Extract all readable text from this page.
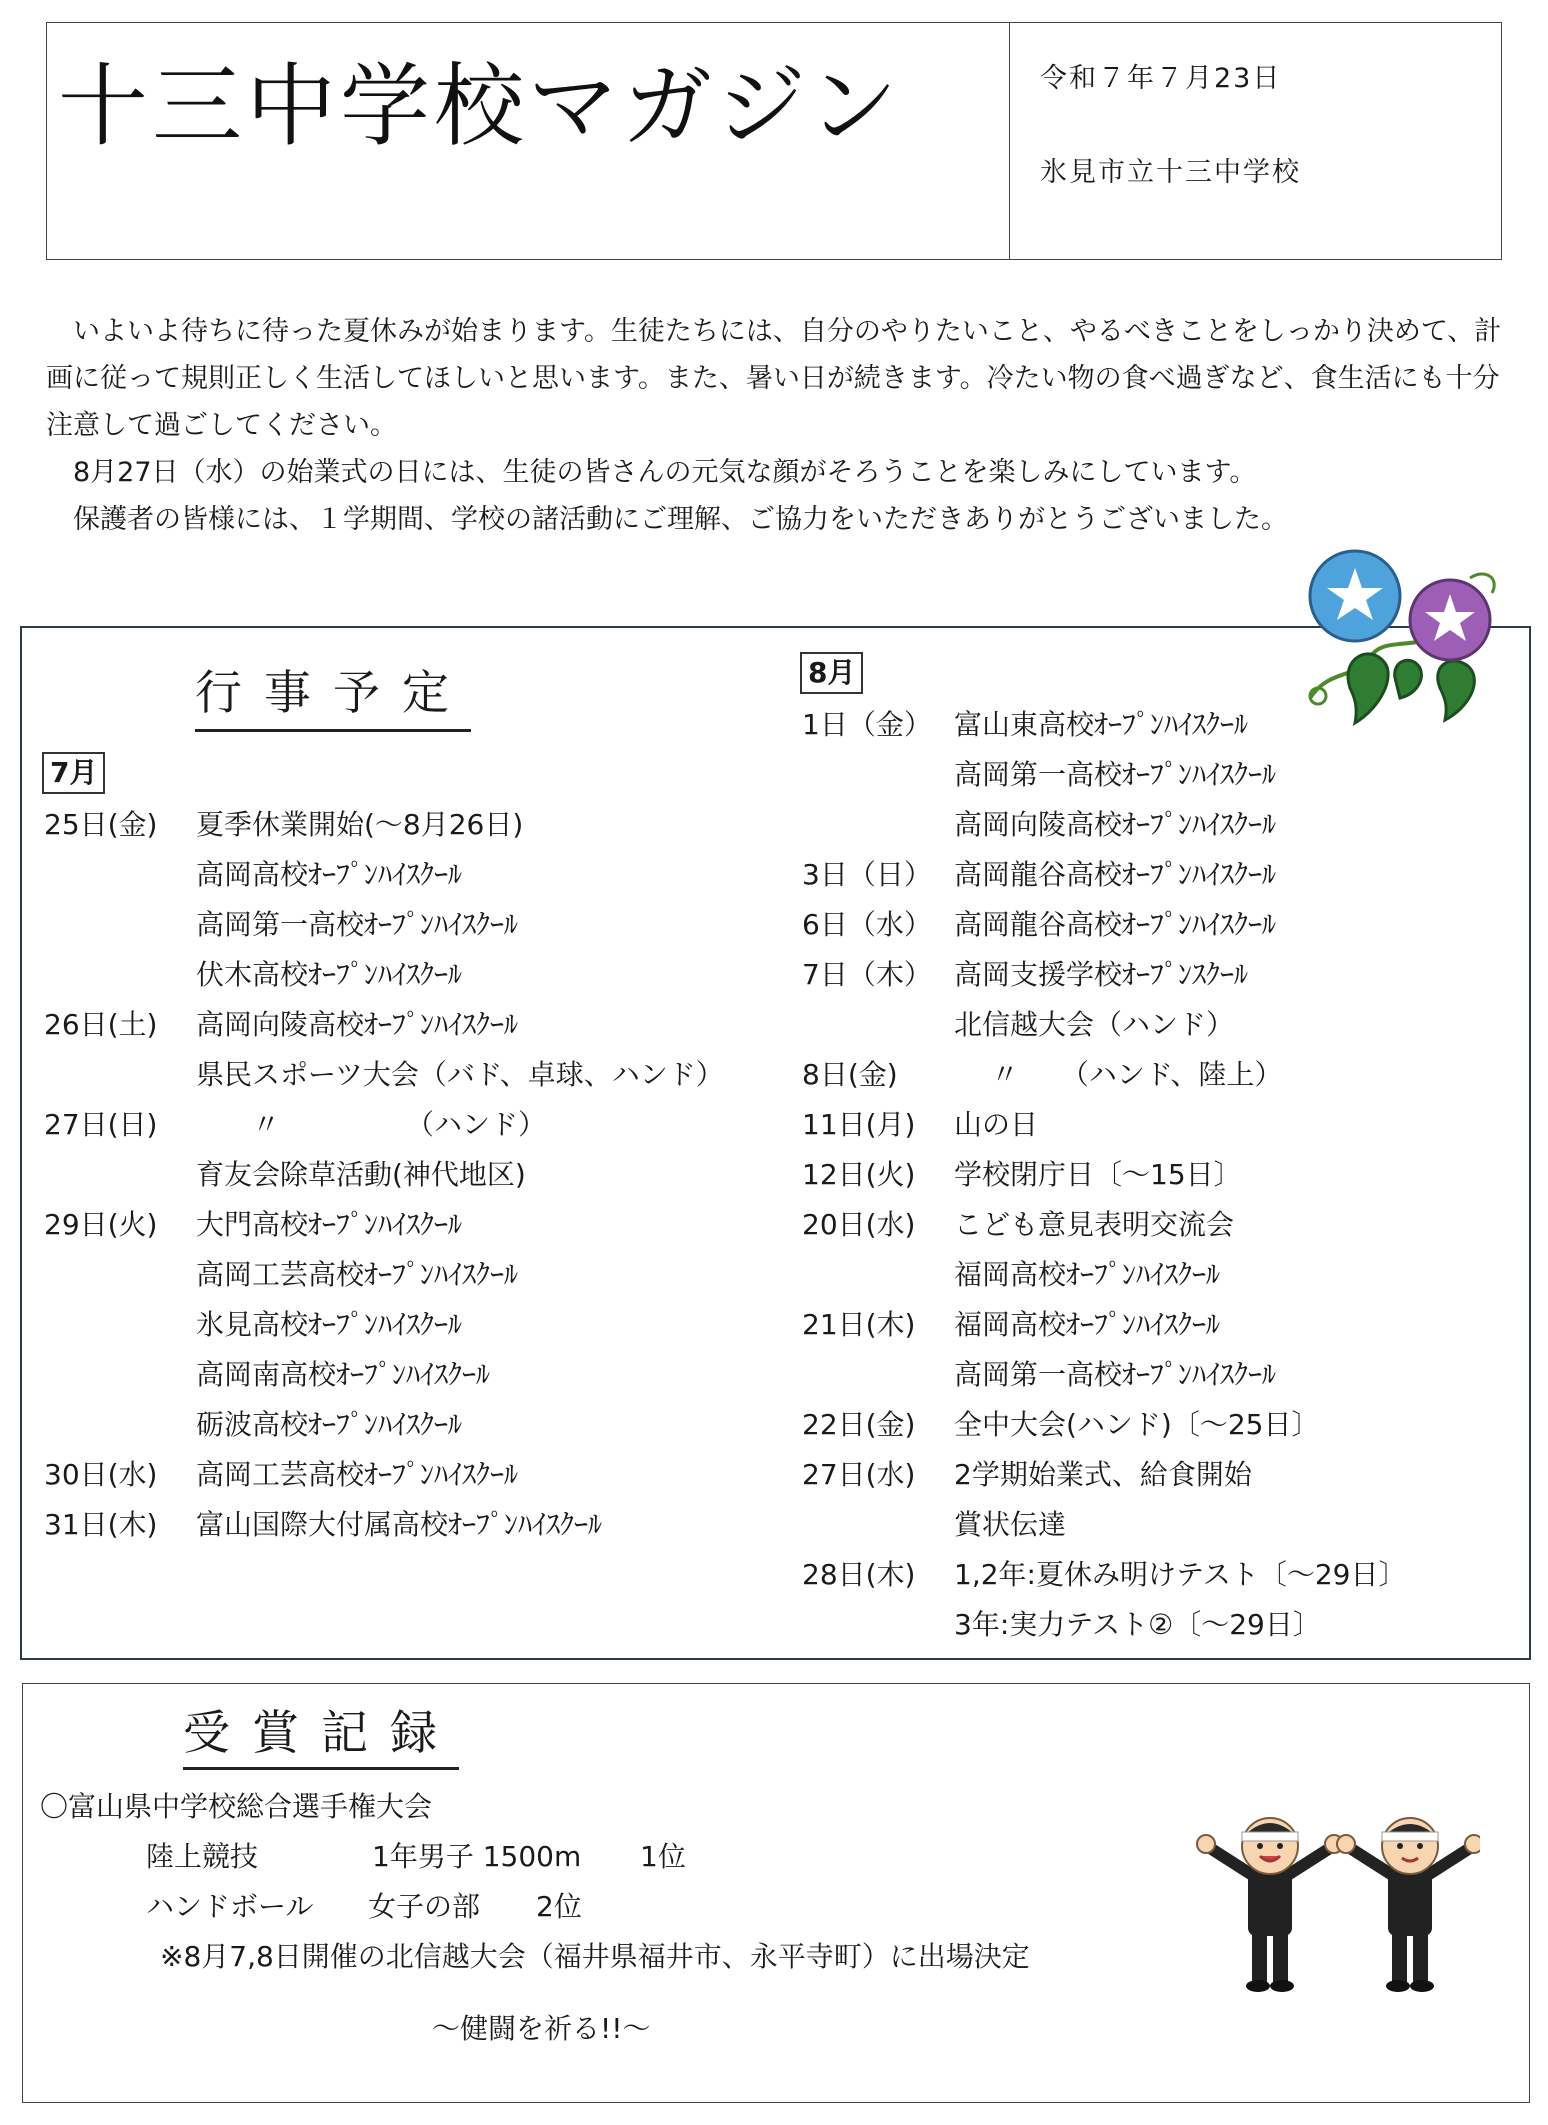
十三中学校マガジン	令和７年７月23日
氷見市立十三中学校

いよいよ待ちに待った夏休みが始まります。生徒たちには、自分のやりたいこと、やるべきことをしっかり決めて、計画に従って規則正しく生活してほしいと思います。また、暑い日が続きます。冷たい物の食べ過ぎなど、食生活にも十分注意して過ごしてください。

8月27日（水）の始業式の日には、生徒の皆さんの元気な顔がそろうことを楽しみにしています。

保護者の皆様には、１学期間、学校の諸活動にご理解、ご協力をいただきありがとうございました。

行事予定
7月
25日(金) 夏季休業開始(～8月26日)
高岡高校ｵｰﾌﾟﾝﾊｲｽｸｰﾙ
高岡第一高校ｵｰﾌﾟﾝﾊｲｽｸｰﾙ
伏木高校ｵｰﾌﾟﾝﾊｲｽｸｰﾙ
26日(土) 高岡向陵高校ｵｰﾌﾟﾝﾊｲｽｸｰﾙ
県民スポーツ大会（バド、卓球、ハンド）
27日(日) 　　〃　　　　　（ハンド）
育友会除草活動(神代地区)
29日(火) 大門高校ｵｰﾌﾟﾝﾊｲｽｸｰﾙ
高岡工芸高校ｵｰﾌﾟﾝﾊｲｽｸｰﾙ
氷見高校ｵｰﾌﾟﾝﾊｲｽｸｰﾙ
高岡南高校ｵｰﾌﾟﾝﾊｲｽｸｰﾙ
砺波高校ｵｰﾌﾟﾝﾊｲｽｸｰﾙ
30日(水) 高岡工芸高校ｵｰﾌﾟﾝﾊｲｽｸｰﾙ
31日(木) 富山国際大付属高校ｵｰﾌﾟﾝﾊｲｽｸｰﾙ
8月
1日（金） 富山東高校ｵｰﾌﾟﾝﾊｲｽｸｰﾙ
高岡第一高校ｵｰﾌﾟﾝﾊｲｽｸｰﾙ
高岡向陵高校ｵｰﾌﾟﾝﾊｲｽｸｰﾙ
3日（日） 高岡龍谷高校ｵｰﾌﾟﾝﾊｲｽｸｰﾙ
6日（水） 高岡龍谷高校ｵｰﾌﾟﾝﾊｲｽｸｰﾙ
7日（木） 高岡支援学校ｵｰﾌﾟﾝｽｸｰﾙ
北信越大会（ハンド）
8日(金) 　 〃　　（ハンド、陸上）
11日(月) 山の日
12日(火) 学校閉庁日〔～15日〕
20日(水) こども意見表明交流会
福岡高校ｵｰﾌﾟﾝﾊｲｽｸｰﾙ
21日(木) 福岡高校ｵｰﾌﾟﾝﾊｲｽｸｰﾙ
高岡第一高校ｵｰﾌﾟﾝﾊｲｽｸｰﾙ
22日(金) 全中大会(ハンド)〔～25日〕
27日(水) 2学期始業式、給食開始
賞状伝達
28日(木) 1,2年:夏休み明けテスト〔～29日〕
3年:実力テスト②〔～29日〕
受賞記録
〇富山県中学校総合選手権大会
陸上競技	1年男子 1500m 1位
ハンドボール 女子の部 2位
※8月7,8日開催の北信越大会（福井県福井市、永平寺町）に出場決定
～健闘を祈る!!～
